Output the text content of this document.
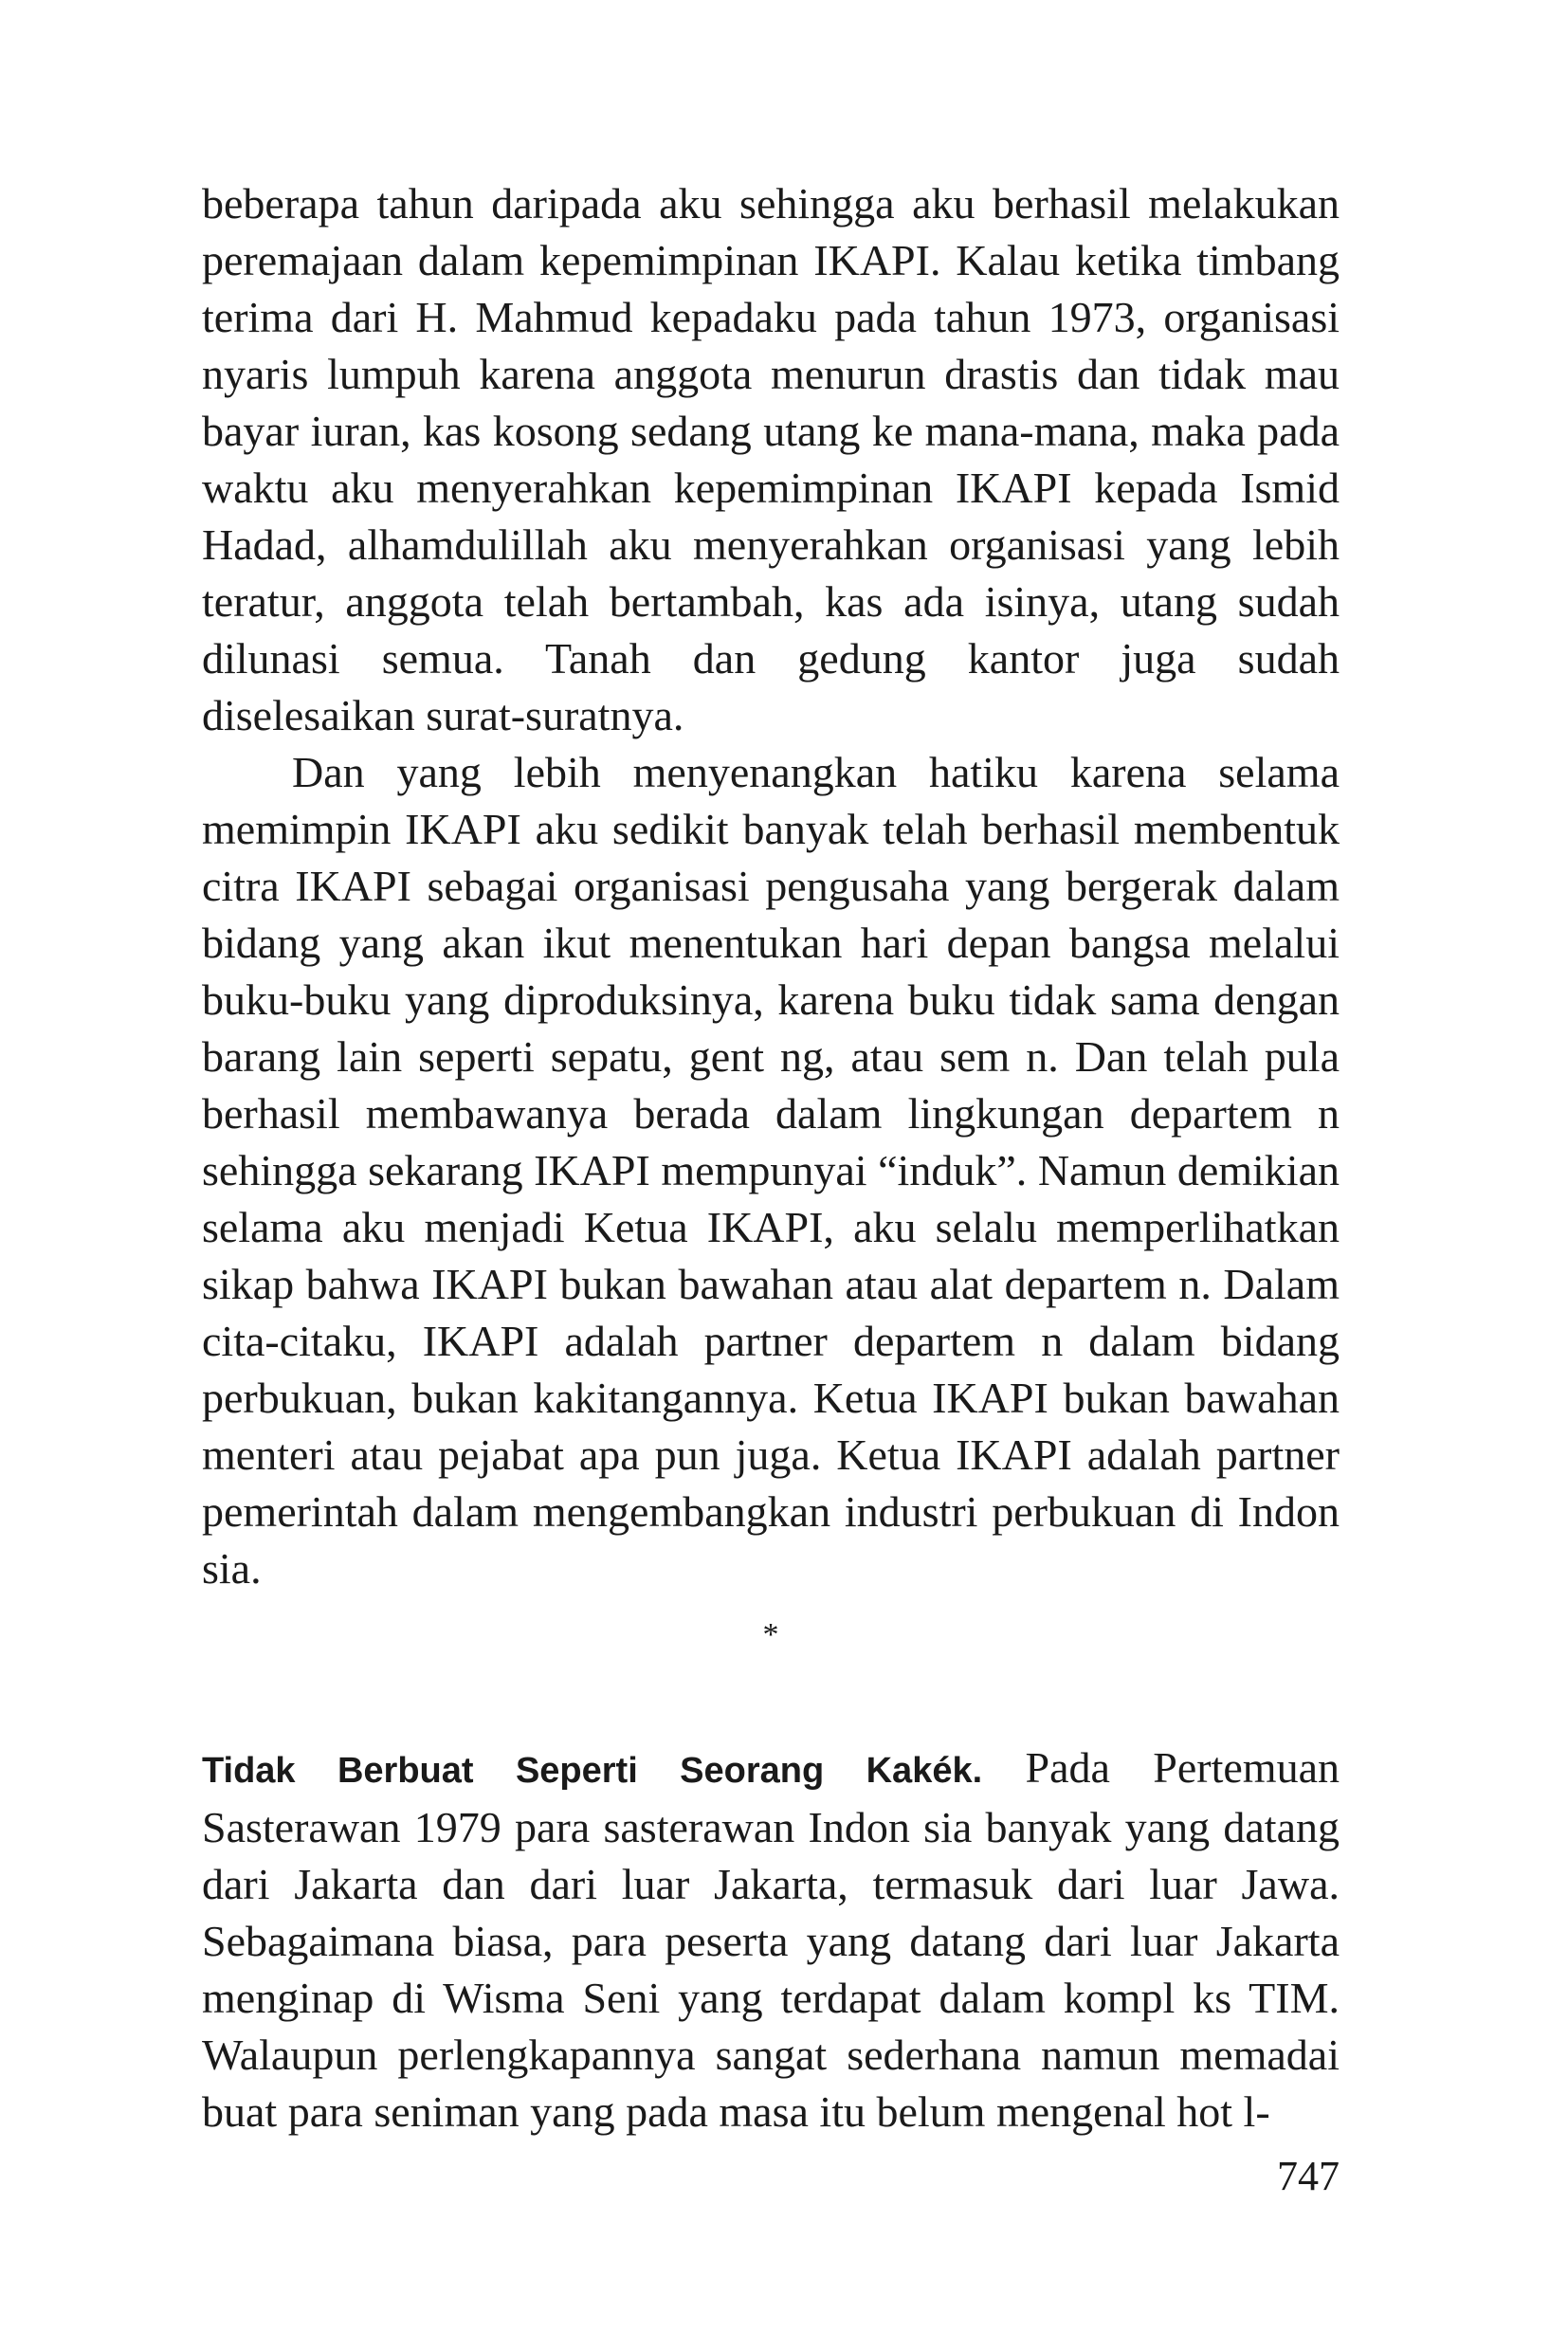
beberapa tahun daripada aku sehingga aku berhasil melakukan peremajaan dalam kepemimpinan IKAPI. Kalau ketika timbang terima dari H. Mahmud kepadaku pada tahun 1973, organisasi nyaris lumpuh karena anggota menurun drastis dan tidak mau bayar iuran, kas kosong sedang utang ke mana-mana, maka pada waktu aku menyerahkan kepemimpinan IKAPI kepada Ismid Hadad, alhamdulillah aku menyerahkan organisasi yang lebih teratur, anggota telah bertambah, kas ada isinya, utang sudah dilunasi semua. Tanah dan gedung kantor juga sudah diselesaikan surat-suratnya.

Dan yang lebih menyenangkan hatiku karena selama memimpin IKAPI aku sedikit banyak telah berhasil membentuk citra IKAPI sebagai organisasi pengusaha yang bergerak dalam bidang yang akan ikut menentukan hari depan bangsa melalui buku-buku yang diproduksinya, karena buku tidak sama dengan barang lain seperti sepatu, gent ng, atau sem n. Dan telah pula berhasil membawanya berada dalam lingkungan departem n sehingga sekarang IKAPI mempunyai “induk”. Namun demikian selama aku menjadi Ketua IKAPI, aku selalu memperlihatkan sikap bahwa IKAPI bukan bawahan atau alat departem n. Dalam cita-citaku, IKAPI adalah partner departem n dalam bidang perbukuan, bukan kakitangannya. Ketua IKAPI bukan bawahan menteri atau pejabat apa pun juga. Ketua IKAPI adalah partner pemerintah dalam mengembangkan industri perbukuan di Indon sia.

*

Tidak Berbuat Seperti Seorang Kakék. Pada Pertemuan Sasterawan 1979 para sasterawan Indon sia banyak yang datang dari Jakarta dan dari luar Jakarta, termasuk dari luar Jawa. Sebagaimana biasa, para peserta yang datang dari luar Jakarta menginap di Wisma Seni yang terdapat dalam kompl ks TIM. Walaupun perlengkapannya sangat sederhana namun memadai buat para seniman yang pada masa itu belum mengenal hot l-

747
